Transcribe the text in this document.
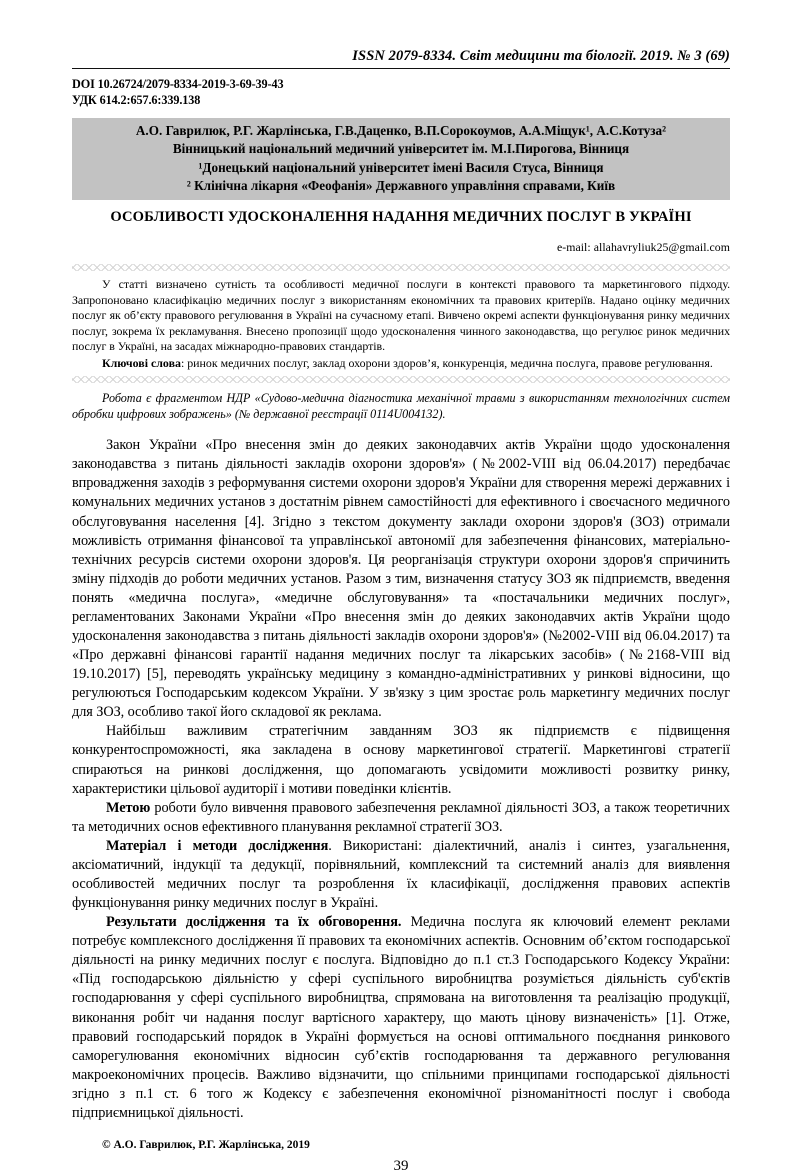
ISSN 2079-8334. Світ медицини та біології. 2019. № 3 (69)
DOI 10.26724/2079-8334-2019-3-69-39-43
УДК 614.2:657.6:339.138
А.О. Гаврилюк, Р.Г. Жарлінська, Г.В.Даценко, В.П.Сорокоумов, А.А.Міщук¹, А.С.Котуза²
Вінницький національний медичний університет ім. М.І.Пирогова, Вінниця
¹Донецький національний університет імені Василя Стуса, Вінниця
² Клінічна лікарня «Феофанія» Державного управління справами, Київ
ОСОБЛИВОСТІ УДОСКОНАЛЕННЯ НАДАННЯ МЕДИЧНИХ ПОСЛУГ В УКРАЇНІ
e-mail: allahavryliuk25@gmail.com
У статті визначено сутність та особливості медичної послуги в контексті правового та маркетингового підходу. Запропоновано класифікацію медичних послуг з використанням економічних та правових критеріїв. Надано оцінку медичних послуг як об’єкту правового регулювання в Україні на сучасному етапі. Вивчено окремі аспекти функціонування ринку медичних послуг, зокрема їх рекламування. Внесено пропозиції щодо удосконалення чинного законодавства, що регулює ринок медичних послуг в Україні, на засадах міжнародно-правових стандартів.
Ключові слова: ринок медичних послуг, заклад охорони здоров’я, конкуренція, медична послуга, правове регулювання.
Робота є фрагментом НДР «Судово-медична діагностика механічної травми з використанням технологічних систем обробки цифрових зображень» (№ державної реєстрації 0114U004132).

Закон України «Про внесення змін до деяких законодавчих актів України щодо удосконалення законодавства з питань діяльності закладів охорони здоров'я» (№2002-VIII від 06.04.2017) передбачає впровадження заходів з реформування системи охорони здоров'я України для створення мережі державних і комунальних медичних установ з достатнім рівнем самостійності для ефективного і своєчасного медичного обслуговування населення [4]. Згідно з текстом документу заклади охорони здоров'я (ЗОЗ) отримали можливість отримання фінансової та управлінської автономії для забезпечення фінансових, матеріально-технічних ресурсів системи охорони здоров'я. Ця реорганізація структури охорони здоров'я спричинить зміну підходів до роботи медичних установ. Разом з тим, визначення статусу ЗОЗ як підприємств, введення понять «медична послуга», «медичне обслуговування» та «постачальники медичних послуг», регламентованих Законами України «Про внесення змін до деяких законодавчих актів України щодо удосконалення законодавства з питань діяльності закладів охорони здоров'я» (№2002-VIII від 06.04.2017) та «Про державні фінансові гарантії надання медичних послуг та лікарських засобів» (№2168-VIII від 19.10.2017) [5], переводять українську медицину з командно-адміністративних у ринкові відносини, що регулюються Господарським кодексом України. У зв'язку з цим зростає роль маркетингу медичних послуг для ЗОЗ, особливо такої його складової як реклама.

Найбільш важливим стратегічним завданням ЗОЗ як підприємств є підвищення конкурентоспроможності, яка закладена в основу маркетингової стратегії. Маркетингові стратегії спираються на ринкові дослідження, що допомагають усвідомити можливості розвитку ринку, характеристики цільової аудиторії і мотиви поведінки клієнтів.

Метою роботи було вивчення правового забезпечення рекламної діяльності ЗОЗ, а також теоретичних та методичних основ ефективного планування рекламної стратегії ЗОЗ.

Матеріал і методи дослідження. Використані: діалектичний, аналіз і синтез, узагальнення, аксіоматичний, індукції та дедукції, порівняльний, комплексний та системний аналіз для виявлення особливостей медичних послуг та розроблення їх класифікації, дослідження правових аспектів функціонування ринку медичних послуг в Україні.

Результати дослідження та їх обговорення. Медична послуга як ключовий елемент реклами потребує комплексного дослідження її правових та економічних аспектів. Основним об’єктом господарської діяльності на ринку медичних послуг є послуга. Відповідно до п.1 ст.3 Господарського Кодексу України: «Під господарською діяльністю у сфері суспільного виробництва розуміється діяльність суб'єктів господарювання у сфері суспільного виробництва, спрямована на виготовлення та реалізацію продукції, виконання робіт чи надання послуг вартісного характеру, що мають цінову визначеність» [1]. Отже, правовий господарський порядок в Україні формується на основі оптимального поєднання ринкового саморегулювання економічних відносин суб’єктів господарювання та державного регулювання макроекономічних процесів. Важливо відзначити, що спільними принципами господарської діяльності згідно з п.1 ст. 6 того ж Кодексу є забезпечення економічної різноманітності послуг і свобода підприємницької діяльності.

© А.О. Гаврилюк, Р.Г. Жарлінська, 2019
39
